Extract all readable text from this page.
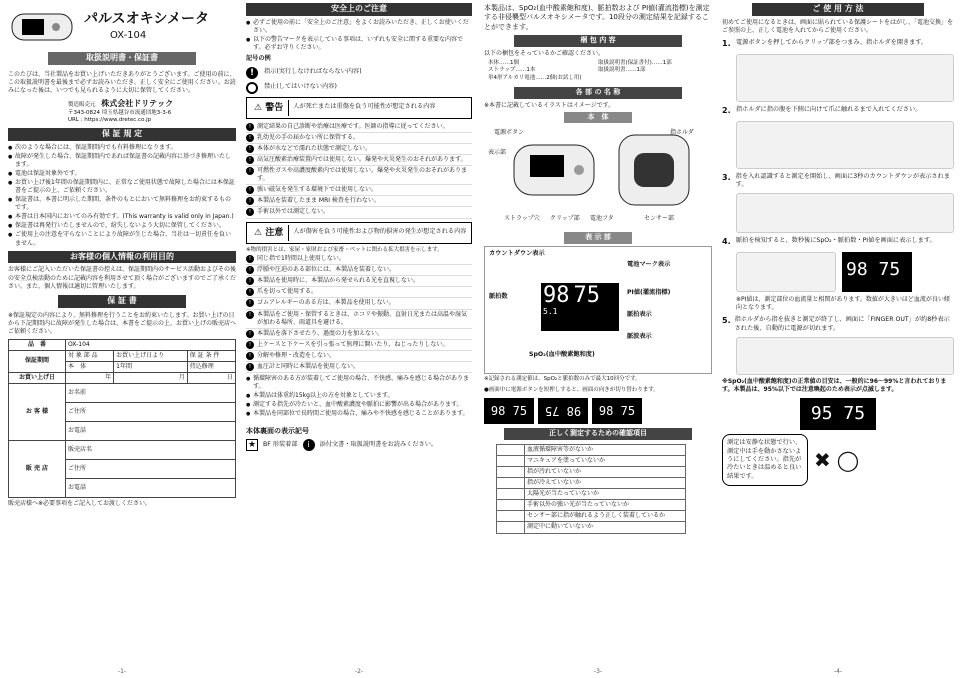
パルスオキシメータ
OX-104
取扱説明書・保証書

このたびは、当社製品をお買い上げいただきありがとうございます。ご使用の前に、この取扱説明書を最後まで必ずお読みいただき、正しく安全にご使用ください。お読みになった後は、いつでも見られるように大切に保管してください。

製造販売元 株式会社ドリテック
〒343-0824 埼玉県越谷市流通団地3-3-6
URL : https://www.dretec.co.jp
保 証 規 定
● 次のような場合には、保証期間内でも有料修理になります。
● 故障が発生した場合、保証期間内であれば保証書の記載内容に基づき修理いたします。
● 電池は保証対象外です。
● お買い上げ後1年間の保証期間内に、正常なご使用状態で故障した場合には本保証書をご提示の上、ご依頼ください。
● 保証書は、本書に明示した期間、条件のもとにおいて無料修理をお約束するものです。
● 本書は日本国内においてのみ有効です。(This warranty is valid only in Japan.)
● 保証書は再発行いたしませんので、紛失しないよう大切に保管してください。
● ご使用上の注意を守らないことにより故障が生じた場合、当社は一切責任を負いません。
お客様の個人情報の利用目的

お客様にご記入いただいた保証書の控えは、保証期間内のサービス活動およびその後の安全点検活動のために記載内容を利用させて頂く場合がございますのでご了承ください。また、個人情報は適切に管理いたします。

保 証 書

※保証規定の内容により、無料修理を行うことをお約束いたします。お買い上げの日から下記期間内に故障が発生した場合は、本書をご提示の上、お買い上げの販売店へご依頼ください。

品　番	OX-104		
保証期間	対 象 部 品	お買い上げ日より	保 証 条 件
	本　体	1年間	持込修理
お買い上げ日	年	月	日
お 客 様	お名前		
	ご住所		
	お電話		
販 売 店	販売店名		
	ご住所		
	お電話		

販売店様へ※必要事項をご記入してお渡しください。

-1-
安全上のご注意
● 必ずご使用の前に「安全上のご注意」をよくお読みいただき、正しくお使いください。
● 以下の警告マークを表示している事項は、いずれも安全に関する重要な内容です。必ずお守りください。
記号の例
!	指示(実行しなければならない内容)
禁止(してはいけない内容)
⚠ 警告	人が死亡または重傷を負う可能性が想定される内容
! 測定結果の自己診断や治療は医療です。医師の指導に従ってください。
! 乳幼児の手の届かない所に保管する。
! 本体が水などで濡れた状態で測定しない。
! 高気圧酸素治療装置内では使用しない。爆発や火災発生のおそれがあります。
! 可燃性ガスや高濃度酸素内では使用しない。爆発や火災発生のおそれがあります。
! 強い磁気を発生する環境下では使用しない。
! 本製品を装着したまま MRI 検査を行わない。
! 手術以外では測定しない。
⚠ 注意	人が傷害を負う可能性および物的損害の発生が想定される内容

※物的損害とは、家屋・家財および家畜・ペットに関わる拡大損害を示します。

! 同じ指で1時間以上使用しない。
! 浮腫や圧迫のある部位には、本製品を装着しない。
! 本製品を使用時に、本製品から発せられる光を直視しない。
! 爪を切って使用する。
! ゴムアレルギーのある方は、本製品を使用しない。
! 本製品をご使用・保管するときは、ホコリや振動、直射日光または高温や湿気が加わる場所、雨道具を避ける。
! 本製品を落下させたり、過度の力を加えない。
! 上ケースと下ケースを引っ張って無理に開いたり、ねじったりしない。
! 分解や修理・改造をしない。
! 血圧計と同時に本製品を使用しない。
● 循環障害のある方が装着してご使用の場合、不快感、痛みを感じる場合があります。
● 本製品は体重約15kg以上の方を対象としています。
● 測定する指先が冷たいと、血中酸素濃度や脈拍に影響が出る場合があります。
● 本製品を同部位で長時間ご使用の場合、痛みや不快感を感じることがあります。
本体裏面の表示記号
★	BF 形装着部	i	添付文書・取扱説明書をお読みください。
-2-

本製品は、SpO₂(血中酸素飽和度)、脈拍数および PI値(灌流指標)を測定する非侵襲型パルスオキシメータです。10段分の測定結果を記録することができます。

梱 包 内 容

以下の梱包をそっているかご確認ください。

本体……1個	取扱説明書(保証書付)……1部
ストラップ……1本	取扱説明書……1部
単4形アルカリ電池……2個(お試し用)
各 部 の 名 称

※本書に記載しているイラストはイメージです。

本　体
電源ボタン	指ホルダ
表示部
ストラップ穴 クリップ部 電池フタ	センサー部
表 示 部
カウントダウン表示
脈拍数
SpO₂(血中酸素飽和度)
電池マーク表示
PI値(灌流指標)
脈拍表示
脈波表示
98 75
5.1

※記録される測定値は、SpO₂と脈拍数のみで最大10回分です。

●画面中に電源ボタンを短押しすると、画面の向きが切り替わります。

98 75	98 75	98 75
正しく測定するための確認項目
	血液循環障害等がないか
	マニキュアを塗っていないか
	指が汚れていないか
	指が冷えていないか
	太陽光が当たっていないか
	手術以外の強い光が当たっていないか
	センサー部に指が触れるよう正しく装着しているか
	測定中に動いていないか
-3-
ご 使 用 方 法

初めてご使用になるときは、画面に貼られている保護シートをはがし、「電池交換」をご参照の上、正しく電池を入れてからご使用ください。

1. 電源ボタンを押してからクリップ部をつまみ、指ホルダを開きます。
2. 指ホルダに指の腹を下側に向けて爪に触れるまで入れてください。
3. 指を入れ認識すると測定を開始し、画面に3秒のカウントダウンが表示されます。
4. 脈拍を検知すると、数秒後にSpO₂・脈拍数・PI値を画面に表示します。
98 75

※PI値は、測定部位の血流量と相関があります。数値が大きいほど血流が良い傾向となります。

5. 指ホルダから指を抜きと測定が終了し、画面に「FINGER OUT」が約8秒表示された後、自動的に電源が切れます。

※SpO₂(血中酸素飽和度)の正常値の目安は、一般的に96～99%と言われております。本製品は、95%以下では注意喚起のため表示が点滅します。

95 75
測定は安静な状態で行い、測定中は手を動かさないようにしてください。指先が冷たいときは温めると良い結果です。
✖ ◯
-4-
